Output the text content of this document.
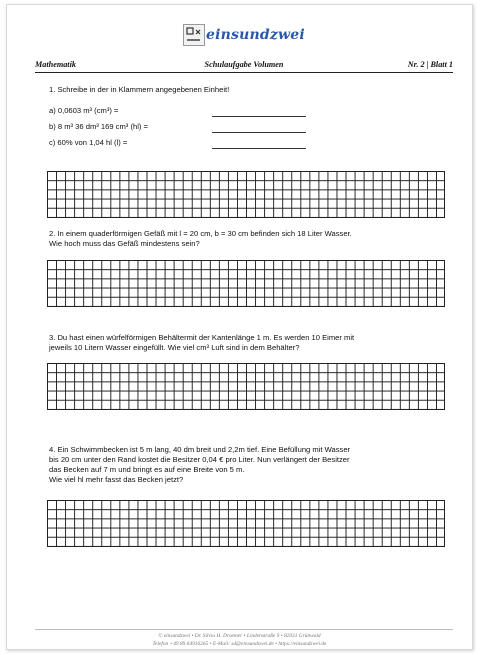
einsundzwei
Mathematik	Schulaufgabe Volumen	Nr. 2 | Blatt 1
1. Schreibe in der in Klammern angegebenen Einheit!
a) 0,0603 m³ (cm³) =
b) 8 m³ 36 dm³ 169 cm³ (hl) =
c) 60% von 1,04 hl (l) =
2. In einem quaderförmigen Gefäß mit l = 20 cm, b = 30 cm befinden sich 18 Liter Wasser.
Wie hoch muss das Gefäß mindestens sein?
3. Du hast einen würfelförmigen Behältermit der Kantenlänge 1 m. Es werden 10 Eimer mit
jeweils 10 Litern Wasser eingefüllt. Wie viel cm³ Luft sind in dem Behälter?
4. Ein Schwimmbecken ist 5 m lang, 40 dm breit und 2,2m tief. Eine Befüllung mit Wasser
bis 20 cm unter den Rand kostet die Besitzer 0,04 € pro Liter. Nun verlängert der Besitzer
das Becken auf 7 m und bringt es auf eine Breite von 5 m.
Wie viel hl mehr fasst das Becken jetzt?
© einsundzwei • Dr. Silvia H. Droemer • Lindenstraße 9 • 82031 Grünwald
Telefon +49 89 64916265 • E-Mail: sd@einsundzwei.de • https://einsundzwei.de
